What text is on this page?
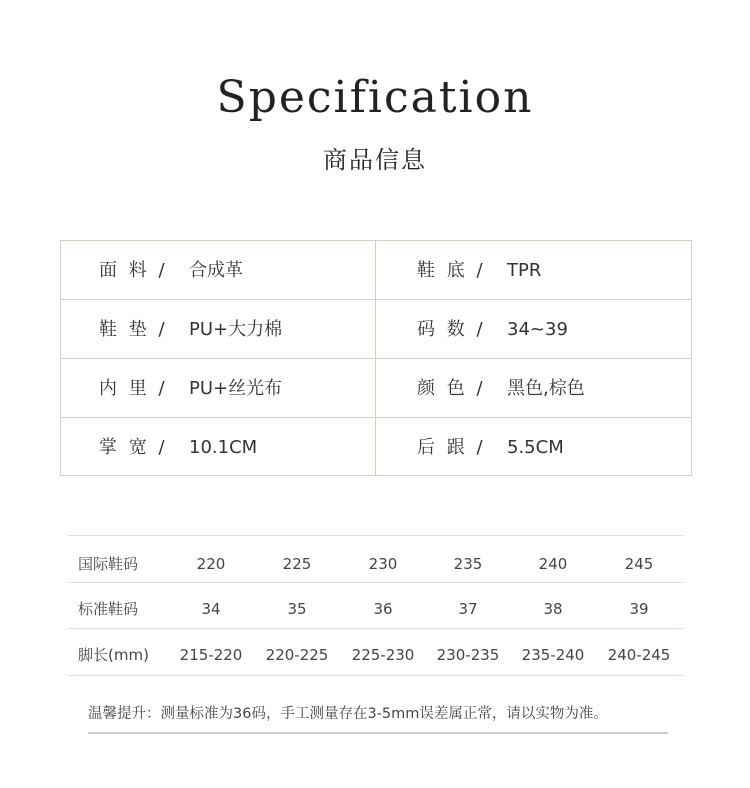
Specification
商品信息
面 料 / 合成革	鞋 底 / TPR
鞋 垫 / PU+大力棉	码 数 / 34~39
内 里 / PU+丝光布	颜 色 / 黑色,棕色
掌 宽 / 10.1CM	后 跟 / 5.5CM
国际鞋码	220	225	230	235	240	245
标准鞋码	34	35	36	37	38	39
脚长(mm)	215-220	220-225	225-230	230-235	235-240	240-245
温馨提升：测量标准为36码，手工测量存在3-5mm误差属正常，请以实物为准。
